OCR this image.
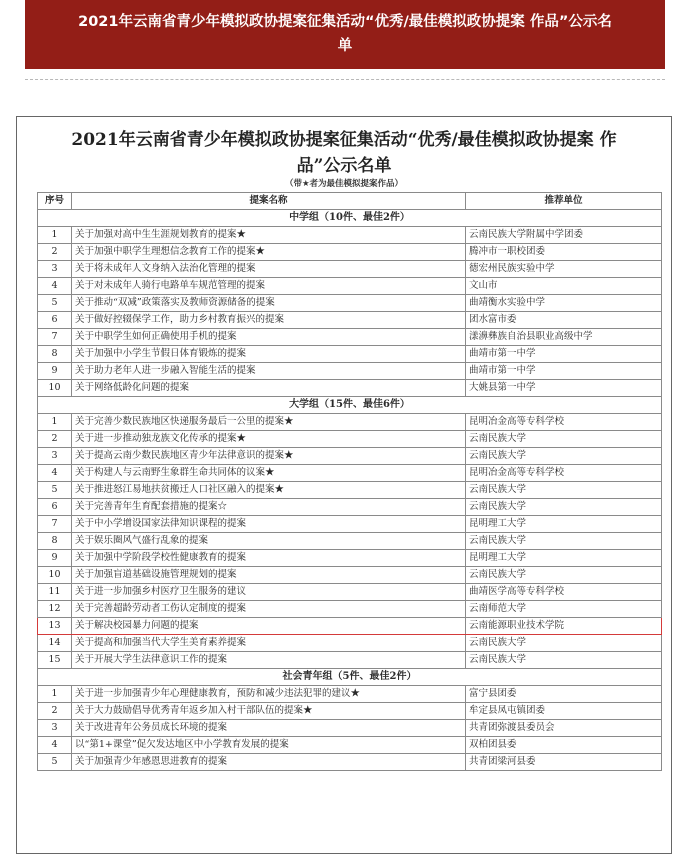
2021年云南省青少年模拟政协提案征集活动“优秀/最佳模拟政协提案 作品”公示名
单
2021年云南省青少年模拟政协提案征集活动“优秀/最佳模拟政协提案 作
品”公示名单
（带★者为最佳模拟提案作品）
序号	提案名称	推荐单位
中学组（10件、最佳2件）		
1	关于加强对高中生生涯规划教育的提案★	云南民族大学附属中学团委
2	关于加强中职学生理想信念教育工作的提案★	腾冲市一职校团委
3	关于将未成年人文身纳入法治化管理的提案	德宏州民族实验中学
4	关于对未成年人骑行电路单车规范管理的提案	文山市
5	关于推动“双减”政策落实及教师资源储备的提案	曲靖衡水实验中学
6	关于做好控辍保学工作，助力乡村教育振兴的提案	团水富市委
7	关于中职学生如何正确使用手机的提案	漾濞彝族自治县职业高级中学
8	关于加强中小学生节假日体育锻炼的提案	曲靖市第一中学
9	关于助力老年人进一步融入智能生活的提案	曲靖市第一中学
10	关于网络低龄化问题的提案	大姚县第一中学
大学组（15件、最佳6件）		
1	关于完善少数民族地区快递服务最后一公里的提案★	昆明冶金高等专科学校
2	关于进一步推动独龙族文化传承的提案★	云南民族大学
3	关于提高云南少数民族地区青少年法律意识的提案★	云南民族大学
4	关于构建人与云南野生象群生命共同体的议案★	昆明冶金高等专科学校
5	关于推进怒江易地扶贫搬迁人口社区融入的提案★	云南民族大学
6	关于完善青年生育配套措施的提案☆	云南民族大学
7	关于中小学增设国家法律知识课程的提案	昆明理工大学
8	关于娱乐圈风气盛行乱象的提案	云南民族大学
9	关于加强中学阶段学校性健康教育的提案	昆明理工大学
10	关于加强盲道基础设施管理规划的提案	云南民族大学
11	关于进一步加强乡村医疗卫生服务的建议	曲靖医学高等专科学校
12	关于完善超龄劳动者工伤认定制度的提案	云南师范大学
13	关于解决校园暴力问题的提案	云南能源职业技术学院
14	关于提高和加强当代大学生美育素养提案	云南民族大学
15	关于开展大学生法律意识工作的提案	云南民族大学
社会青年组（5件、最佳2件）		
1	关于进一步加强青少年心理健康教育，预防和减少违法犯罪的建议★	富宁县团委
2	关于大力鼓励倡导优秀青年返乡加入村干部队伍的提案★	牟定县凤屯镇团委
3	关于改进青年公务员成长环境的提案	共青团弥渡县委员会
4	以“第1+课堂”促欠发达地区中小学教育发展的提案	双柏团县委
5	关于加强青少年感恩思进教育的提案	共青团梁河县委
